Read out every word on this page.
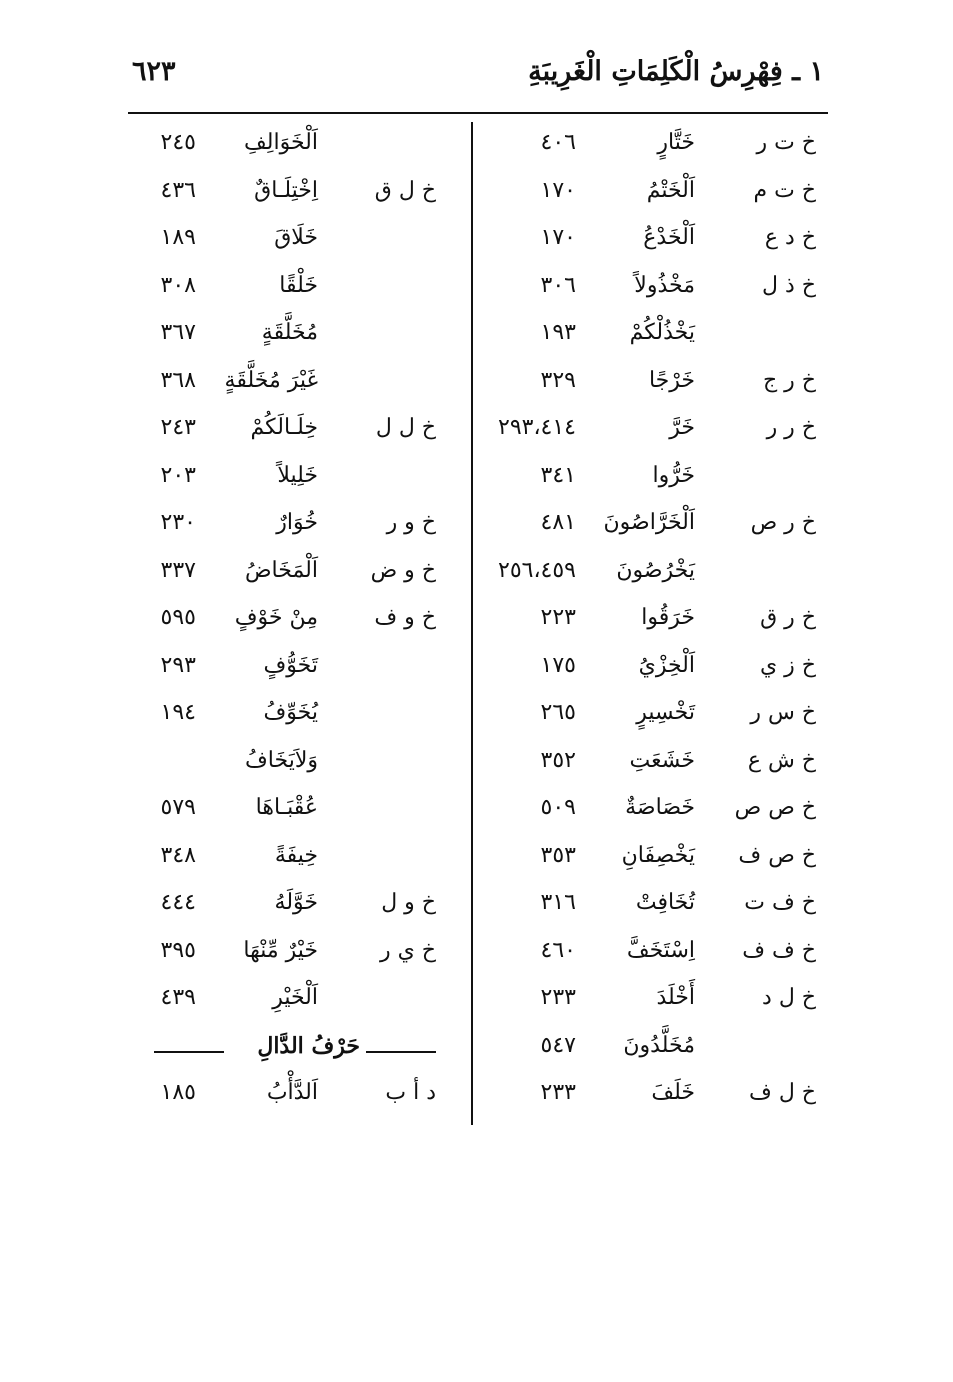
١ ـ فِهْرِسُ الْكَلِمَاتِ الْغَرِيبَةِ
٦٢٣
خ ت ر
خَتَّارٍ
٤٠٦
خ ت م
اَلْخَتْمُ
١٧٠
خ د ع
اَلْخَدْعُ
١٧٠
خ ذ ل
مَخْذُولاً
٣٠٦
يَخْذُلْكُمْ
١٩٣
خ ر ج
خَرْجًا
٣٢٩
خ ر ر
خَرَّ
٢٩٣،٤١٤
خَرُّوا
٣٤١
خ ر ص
اَلْخَرَّاصُونَ
٤٨١
يَخْرُصُونَ
٢٥٦،٤٥٩
خ ر ق
خَرَقُوا
٢٢٣
خ ز ي
اَلْخِزْيُ
١٧٥
خ س ر
تَخْسِيرٍ
٢٦٥
خ ش ع
خَشَعَتِ
٣٥٢
خ ص ص
خَصَاصَةٌ
٥٠٩
خ ص ف
يَخْصِفَانِ
٣٥٣
خ ف ت
تُخَافِتْ
٣١٦
خ ف ف
اِسْتَخَفَّ
٤٦٠
خ ل د
أَخْلَدَ
٢٣٣
مُخَلَّدُونَ
٥٤٧
خ ل ف
خَلَفَ
٢٣٣
اَلْخَوَالِفِ
٢٤٥
خ ل ق
اِخْتِلَـاقٌ
٤٣٦
خَلَاقَ
١٨٩
خَلْقًا
٣٠٨
مُخَلَّقَةٍ
٣٦٧
غَيْرَ مُخَلَّقَةٍ
٣٦٨
خ ل ل
خِلَـالَكُمْ
٢٤٣
خَلِيلاً
٢٠٣
خ و ر
خُوَارٌ
٢٣٠
خ و ض
اَلْمَخَاضُ
٣٣٧
خ و ف
مِنْ خَوْفٍ
٥٩٥
تَخَوُّفٍ
٢٩٣
يُخَوِّفُ
١٩٤
وَلاَيَخَافُ
عُقْبَـاهَا
٥٧٩
خِيفَةً
٣٤٨
خ و ل
خَوَّلَهُ
٤٤٤
خ ي ر
خَيْرٌ مِّنْهَا
٣٩٥
اَلْخَيْرِ
٤٣٩
حَرْفُ الدَّالِ
د أ ب
اَلدَّأْبُ
١٨٥
